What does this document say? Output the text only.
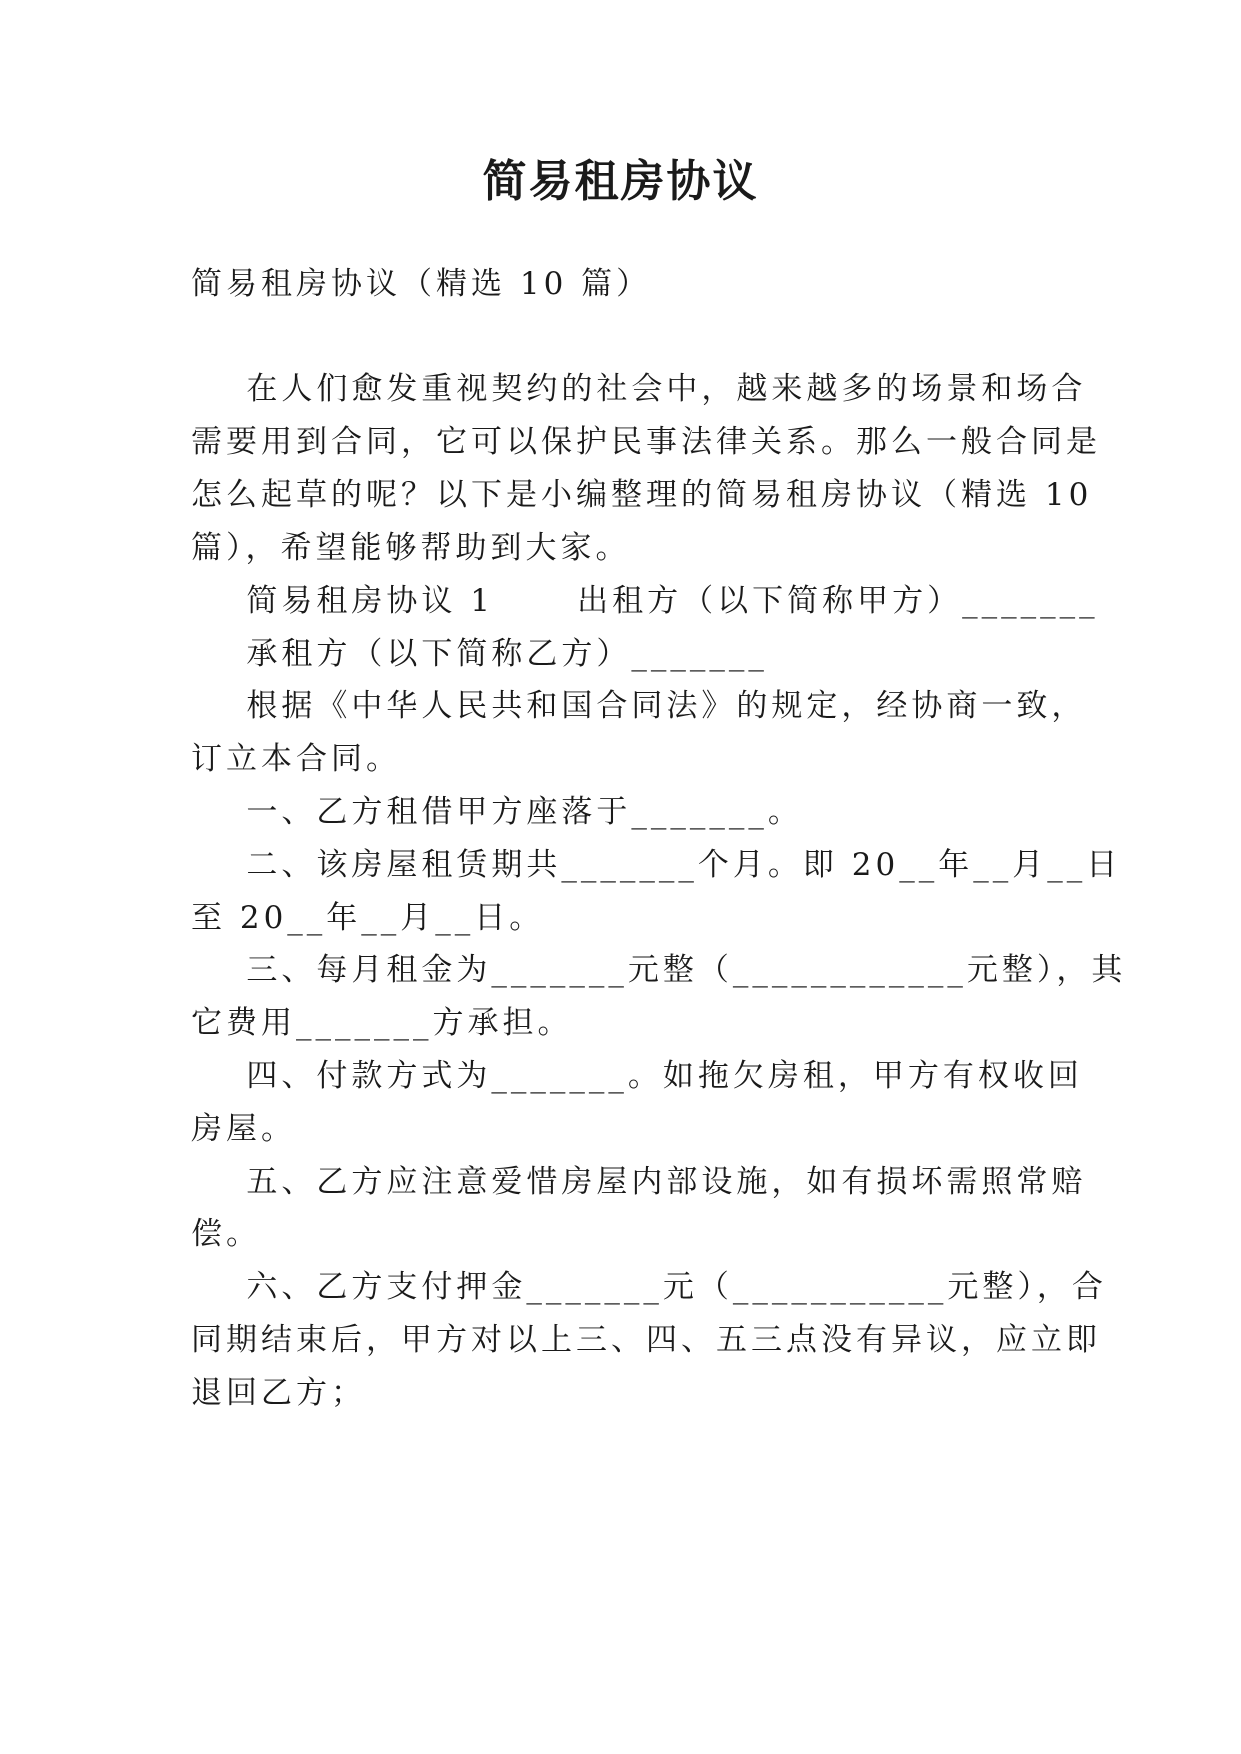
简易租房协议
简易租房协议（精选 10 篇）
在人们愈发重视契约的社会中，越来越多的场景和场合
需要用到合同，它可以保护民事法律关系。那么一般合同是
怎么起草的呢？以下是小编整理的简易租房协议（精选 10
篇），希望能够帮助到大家。
简易租房协议 1      出租方（以下简称甲方）_______
承租方（以下简称乙方）_______
根据《中华人民共和国合同法》的规定，经协商一致，
订立本合同。
一、乙方租借甲方座落于_______。
二、该房屋租赁期共_______个月。即 20__年__月__日
至 20__年__月__日。
三、每月租金为_______元整（____________元整），其
它费用_______方承担。
四、付款方式为_______。如拖欠房租，甲方有权收回
房屋。
五、乙方应注意爱惜房屋内部设施，如有损坏需照常赔
偿。
六、乙方支付押金_______元（___________元整），合
同期结束后，甲方对以上三、四、五三点没有异议，应立即
退回乙方；
